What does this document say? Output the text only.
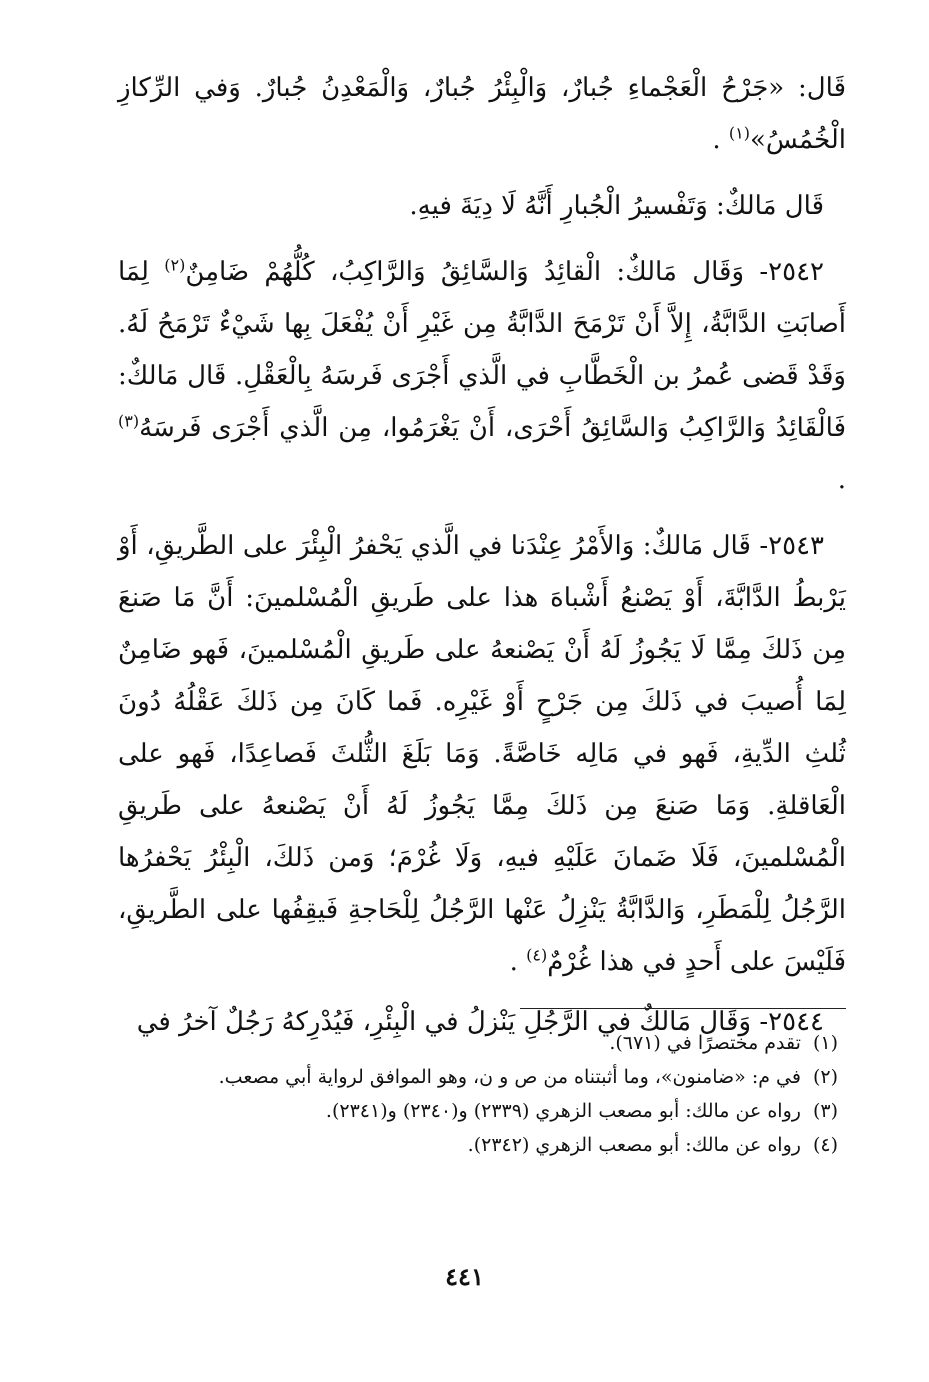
قَال: «جَرْحُ الْعَجْماءِ جُبارٌ، وَالْبِئْرُ جُبارٌ، وَالْمَعْدِنُ جُبارٌ. وَفي الرِّكازِ الْخُمُسُ»$^{(١)}$ .

قَال مَالكٌ: وَتَفْسيرُ الْجُبارِ أَنَّهُ لَا دِيَةَ فيهِ.

٢٥٤٢- وَقَال مَالكٌ: الْقائِدُ وَالسَّائِقُ وَالرَّاكِبُ، كُلُّهُمْ ضَامِنٌ$^{(٢)}$ لِمَا أَصابَتِ الدَّابَّةُ، إِلاَّ أَنْ تَرْمَحَ الدَّابَّةُ مِن غَيْرِ أَنْ يُفْعَلَ بِها شَيْءٌ تَرْمَحُ لَهُ. وَقَدْ قَضى عُمرُ بن الْخَطَّابِ في الَّذي أَجْرَى فَرسَهُ بِالْعَقْلِ. قَال مَالكٌ: فَالْقَائِدُ وَالرَّاكِبُ وَالسَّائِقُ أَحْرَى، أَنْ يَغْرَمُوا، مِن الَّذي أَجْرَى فَرسَهُ$^{(٣)}$ .

٢٥٤٣- قَال مَالكٌ: وَالأَمْرُ عِنْدَنا في الَّذي يَحْفرُ الْبِئْرَ على الطَّريقِ، أَوْ يَرْبطُ الدَّابَّةَ، أَوْ يَصْنعُ أَشْباهَ هذا على طَريقِ الْمُسْلمينَ: أَنَّ مَا صَنعَ مِن ذَلكَ مِمَّا لَا يَجُوزُ لَهُ أَنْ يَصْنعهُ على طَريقِ الْمُسْلمينَ، فَهو ضَامِنٌ لِمَا أُصيبَ في ذَلكَ مِن جَرْحٍ أَوْ غَيْرِه. فَما كَانَ مِن ذَلكَ عَقْلُهُ دُونَ ثُلثِ الدِّيةِ، فَهو في مَالِه خَاصَّةً. وَمَا بَلَغَ الثُّلثَ فَصاعِدًا، فَهو على الْعَاقلةِ. وَمَا صَنعَ مِن ذَلكَ مِمَّا يَجُوزُ لَهُ أَنْ يَصْنعهُ على طَريقِ الْمُسْلمينَ، فَلَا ضَمانَ عَلَيْهِ فيهِ، وَلَا غُرْمَ؛ وَمن ذَلكَ، الْبِئْرُ يَحْفرُها الرَّجُلُ لِلْمَطَرِ، وَالدَّابَّةُ يَنْزِلُ عَنْها الرَّجُلُ لِلْحَاجةِ فَيقِفُها على الطَّريقِ، فَلَيْسَ على أَحدٍ في هذا غُرْمٌ$^{(٤)}$ .

٢٥٤٤- وَقَال مَالكٌ في الرَّجُلِ يَنْزلُ في الْبِئْرِ، فَيُدْرِكهُ رَجُلٌ آخرُ في

(١)تقدم مختصرًا في (٦٧١).

(٢)في م: «ضامنون»، وما أثبتناه من ص و ن، وهو الموافق لرواية أبي مصعب.

(٣)رواه عن مالك: أبو مصعب الزهري (٢٣٣٩) و(٢٣٤٠) و(٢٣٤١).

(٤)رواه عن مالك: أبو مصعب الزهري (٢٣٤٢).

٤٤١
